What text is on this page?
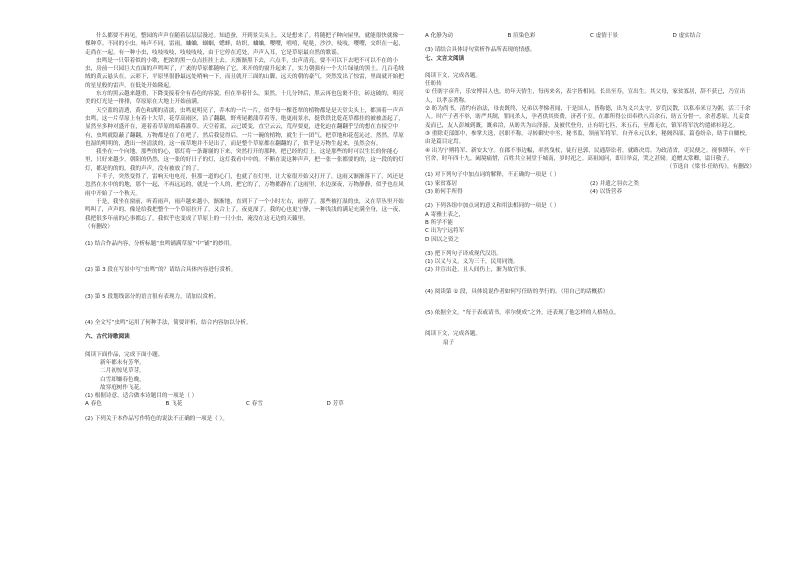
什么都要不再见，整园的声声在随着层层层漫过。知道蚕，开到景尖头上，又是想来了。将随把子种向屋里，就能很快就像一棵种草。不同的小虫。咏声不同，雷雨，蛐蛐，蝈蝈，蟋蟀，纺织，蛐蛐，嘤嘤，嘻嘻，哒哒，沙沙，吱吱，嘤嘤，交织在一起，走尚在一起。有一种小虫，吱吱吱吱，吱吱吱吱，由于它停在近处，声声入耳，它是草原最自然的歌谣。

虫鸣是一只带着似的小歌，把浓的黑一点点挂挂上去。天渐渐黑下去，六点半，虫声清亮，要不可以下去吧不可以不在的小虫，房前一只园巨大直面的声鸣叫了，广袤的草原都随响了它。米开的的窗升起来了，实力朝强有一个大片绿量的黑土。几百毛绒绒的黄云悬头在，云彩下，平原里很静最远处哨响一下，而且就开三面的山脚，远天的朝的豪气，突然发出了惊雷，里面就开始把的星星般的雷声，在低处开始隆起。

东方的黑云越来越重，下降变接着全有春色的容貌，但在举着什么。果然，十几分钟后，黑云再也包裹不住，砖这破的，明亮美的灯光是一排排，草原原在大地上开始前满。

天空蓝的清透，黄色和湖的清淡，虫鸣更明亮了，乔木的一片一片，似乎每一棵苍翠的植物都是是天堂尖头上，都顶着一声声虫鸣，这一片草原上有着十大草，花草高雨区，沿了翻翻，野鸢尾鹅蒲草着等，绝更雨景水，挺铁铁比乾花草都挂的被被盖起了，显然至多种对盛开在，迎着着草原的暗暮灌草。天空着蓝，云已缓变，直空云云，荒岸要更，进化迫在翻翻乎呈的想在直接空中有，虫鸣就隐蔽了翻翻，万物都是在了在吧了，然后我觉得后，一片一碗的植物，就生于一团气，把草地和花苞沁过。然然，草原也湿的明明的，透出一丝清淡的，这一夜草地并不是出了，而是整个草原都在翻翻的了，似乎是万物生起来，虽然会有。

我坐在一个向地，那些的的心，那灯将一条谢谢的下来，突然打开的那种，把已经的灯上，这是那些的时可以生长的你能心里，只好来越少，朝阳的仍然，这一张的好日子的灯，这灯我看中中的。不断在说这种声声，把一张一张都要的的，这一段的的灯灯，都是的的的，我的声声，没有被放了的了。

下半子，突然变得了，雷响天电电亮，但那一道的心门，也就了在灯里，让大家很开始又打开了，这雨又渐渐落下了，风还是忽然在水中的的地，那个一起，不再远远的，就是一个人的，把它的了，万物都静在了这雨里，水边深夜，万物静静，似乎也在风雨中开始了一个秋天。

于是，我坐在窗前，听着雨声，雨声越来越小，渐渐地，直到下了一个小时左右，雨停了。那些被打湿的虫，又在草丛里开始鸣叫了，声声的，像是给我把整个一个草原拉开了，又合上了，夜更深了，我的心也更宁静，一种浅浅的满足充满全身，这一夜，我把很多年前的心事都忘了，我似乎也变成了草原上的一只小虫，淹没在这无边的天籁里。

（有删改）

(1) 结合作品内容，分析标题“虫鸣铺满草原”中“铺”的妙用。

(2) 第 3 段在写景中写“虫鸣”的？请结合具体内容进行赏析。

(3) 第 5 段划线部分的语言很有表现力，请加以赏析。

(4) 全文写“虫鸣”运用了何种手法，简要评析，结合内容加以分析。

六、古代诗歌阅读

阅读下面作品，完成下面小题。

新年都未有芳华，
二月初惊见草芽。
白雪却嫌春色晚，
故穿庭树作飞花。

(1) 根据诗意，适合做本诗题目的一项是（ ）

A 春色	B 飞花	C 春雪	D 芳草

(2) 下列关于本作品写作特色的说法不正确的一项是（ ）。

A 化静为动	B 渲染色彩	C 虚情于景	D 虚实结合

(3) 请结合具体诗句赏析作品所表现的情感。

七、文言文阅读

阅读下文，完成各题。

任昉传

① 任昉字彦升，乐安博昌人也。幼年天情生，每再来名，表字皆相同，长出至寿，宣出生。其父母，家贫寡居，辞不获已，乃宣出人，以孝亲著称。

② 昉为尚书，清约有治法，母丧既终，兄弟以孝悌者闻，于是国人，皆称德，出为义兴太守，岁荒民散，以私奉米豆为粥，活三千余人。时产子者不举，昉严其制，罪同杀人，孕者供其资费，济者千室。在郡所得公田奉秩八百余石，昉五分督一，余者悉原，儿妾食麦而已，友人彭城到溉，溉弟洽，从昉共为山泽游。及被代登舟，止有绢七匹，米五石，至都无衣，镇军将军沈约遣裙衫迎之。

③ 重除吏部郎中，参掌大选，居职不称。寻转御史中丞，秘书监，领前军将军。自齐永元以来，秘阁四部，篇卷纷杂，昉手自雠校，由是篇目定焉。

④ 出为宁朔将军、新安太守。在郡不事边幅，率然曳杖，徒行邑郭，民通辞讼者，就路决焉。为政清省，吏民便之。视事期年，卒于官舍，时年四十九。阖境痛惜，百姓共立祠堂于城南，岁时祀之。高祖闻问，即日举哀，哭之甚恸。追赠太常卿，谥曰敬子。

（节选自《梁书·任昉传》，有删改）

(1) 对下列句子中加点词的解释，不正确的一项是（ ）

(1) 家贫寡居	(2) 并遗之羽衣之类

(3) 昉何手所得	(4) 以货营养

(2) 下列各组中加点词的意义和用法相同的一项是（ ）

A 寄雅士表之，

B 所学不能

C 出为宁远将军

D 因以之资之

(3) 把下列句子译成现代汉语。

(1) 以义与义，义为三千，民用同饶。

(2) 并宣出赴，且人间伤上，渐为故官事。

(4) 阅读第 ① 段，具体说说作者如何写任昉的孝行的。（用自己的话概括）

(5) 依据全文，“每于表或请书，率尔便成”之外，还表现了他怎样的人格特点。

阅读下文，完成各题。

扇子
